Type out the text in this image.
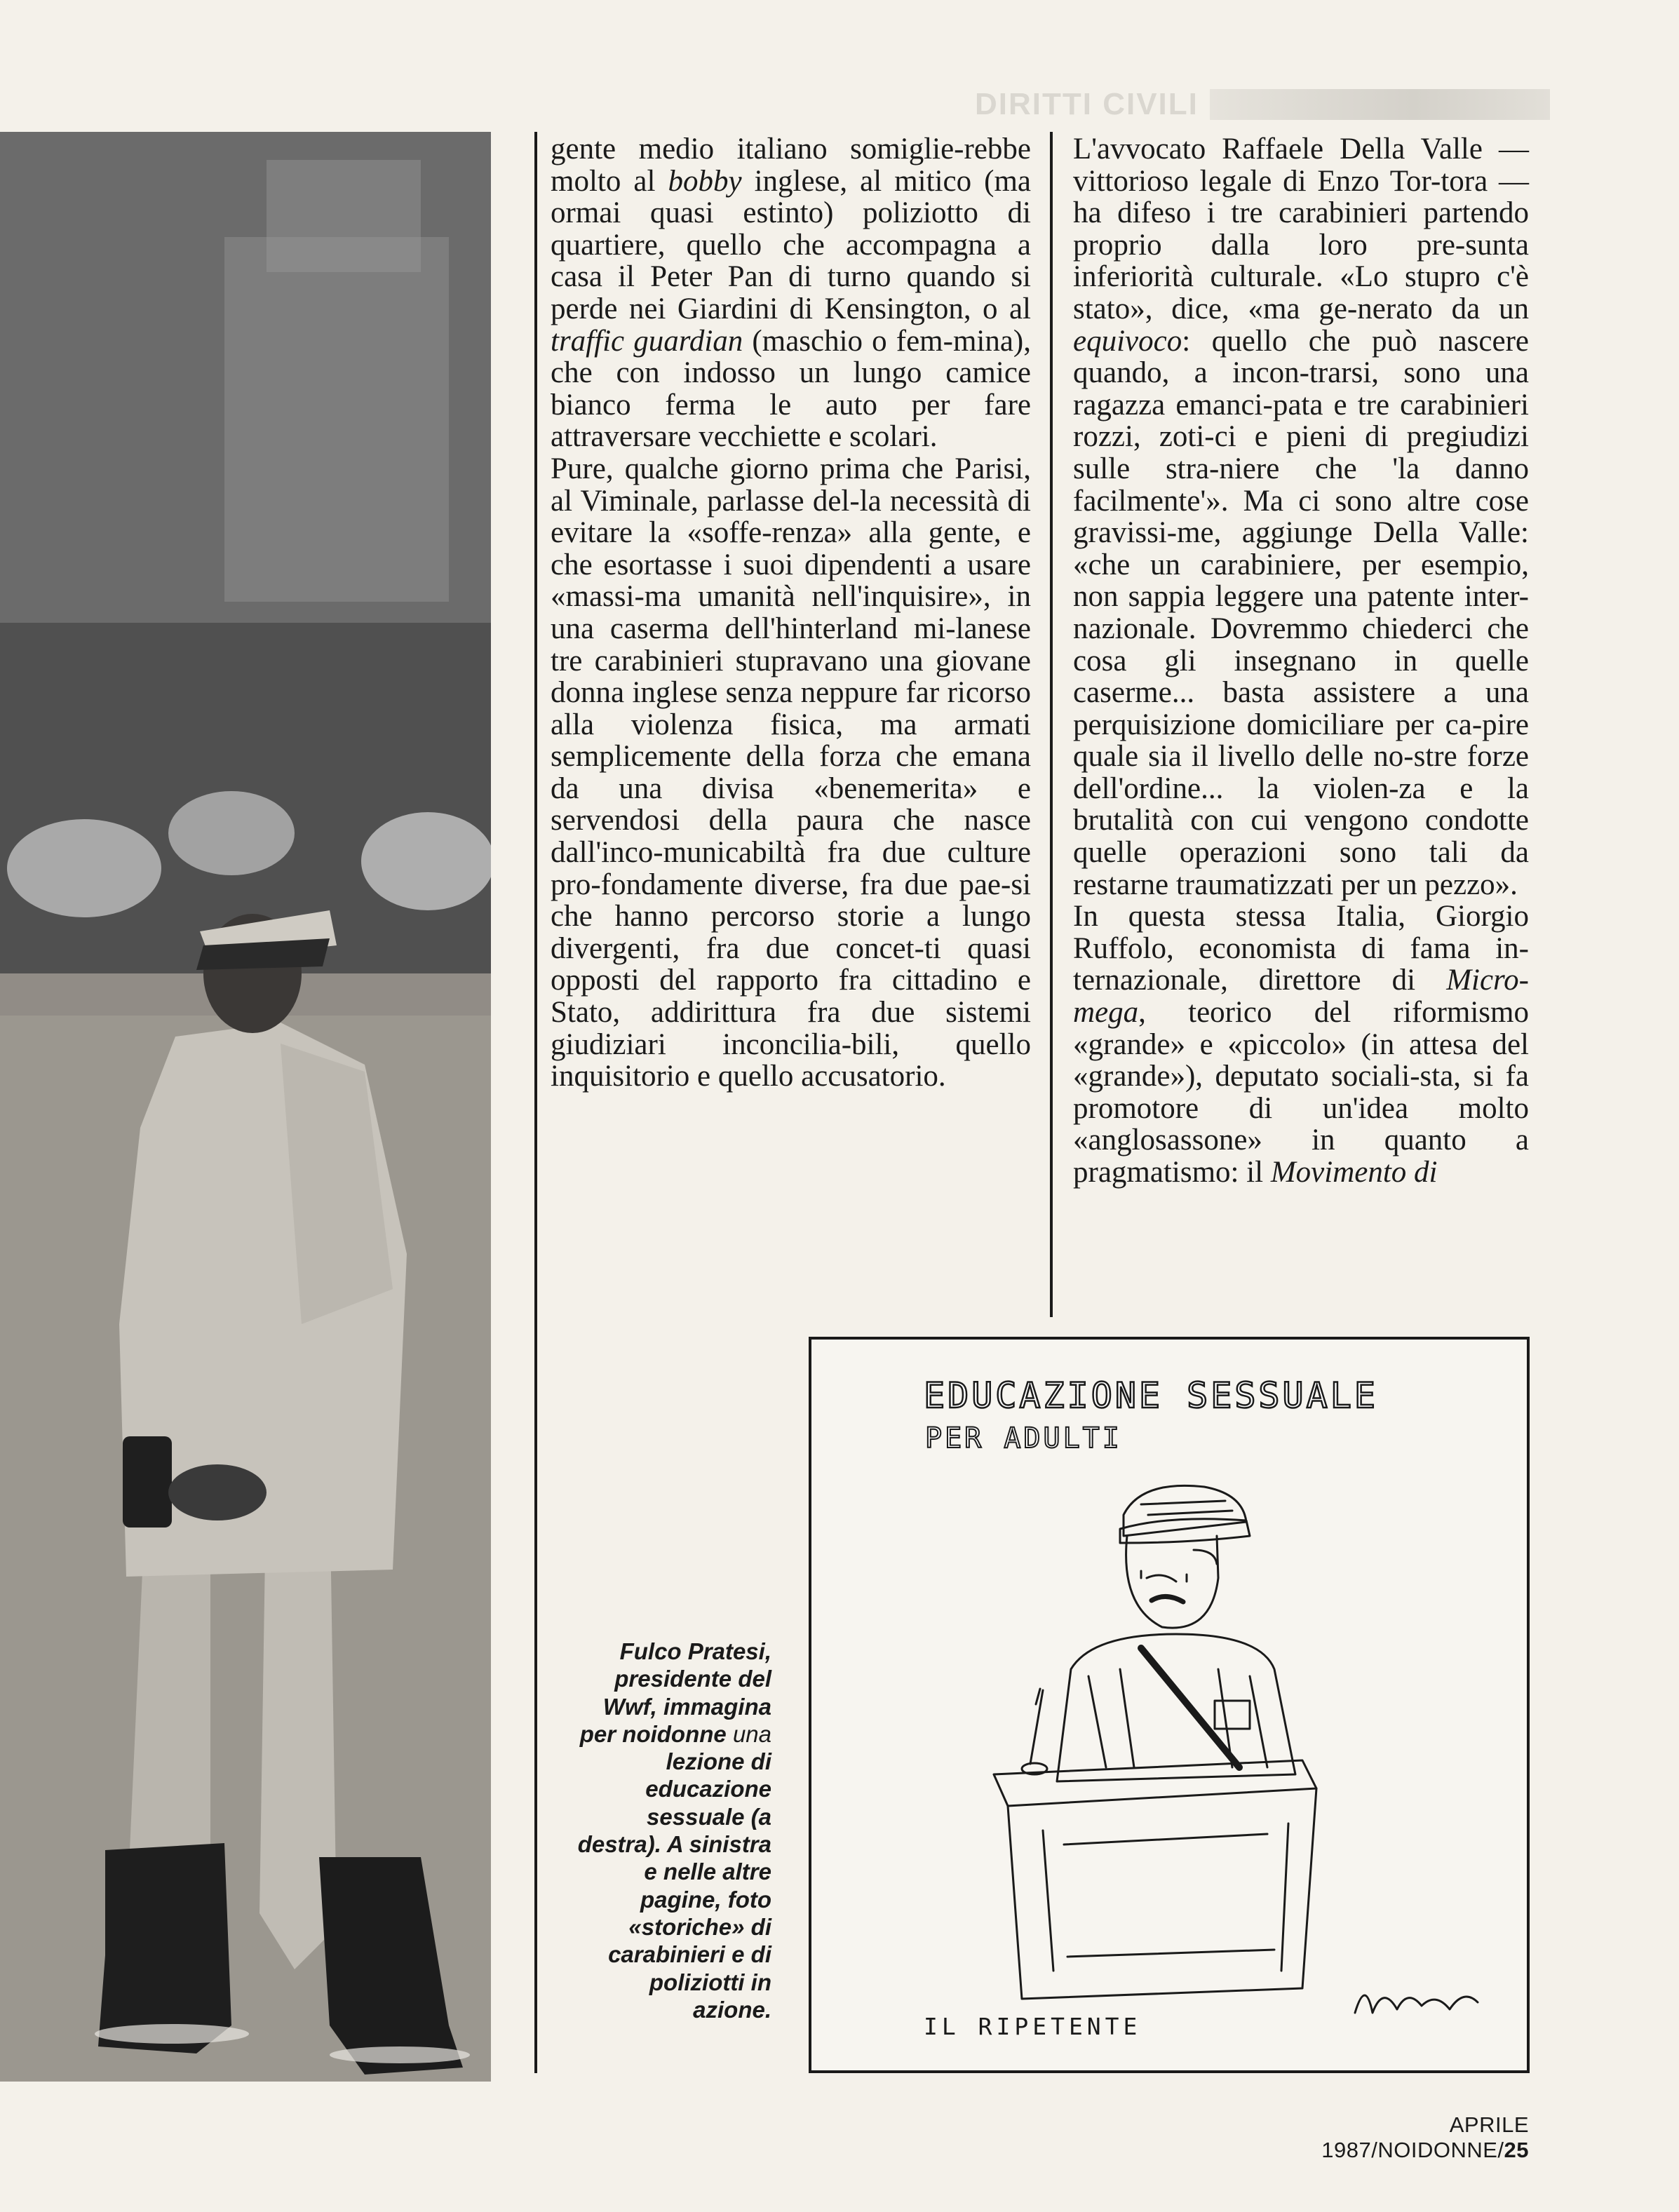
DIRITTI CIVILI

gente medio italiano somiglie-rebbe molto al bobby inglese, al mitico (ma ormai quasi estinto) poliziotto di quartiere, quello che accompagna a casa il Peter Pan di turno quando si perde nei Giardini di Kensington, o al traffic guardian (maschio o fem-mina), che con indosso un lungo camice bianco ferma le auto per fare attraversare vecchiette e scolari.

Pure, qualche giorno prima che Parisi, al Viminale, parlasse del-la necessità di evitare la «soffe-renza» alla gente, e che esortasse i suoi dipendenti a usare «massi-ma umanità nell'inquisire», in una caserma dell'hinterland mi-lanese tre carabinieri stupravano una giovane donna inglese senza neppure far ricorso alla violenza fisica, ma armati semplicemente della forza che emana da una divisa «benemerita» e servendosi della paura che nasce dall'inco-municabiltà fra due culture pro-fondamente diverse, fra due pae-si che hanno percorso storie a lungo divergenti, fra due concet-ti quasi opposti del rapporto fra cittadino e Stato, addirittura fra due sistemi giudiziari inconcilia-bili, quello inquisitorio e quello accusatorio.

L'avvocato Raffaele Della Valle — vittorioso legale di Enzo Tor-tora — ha difeso i tre carabinieri partendo proprio dalla loro pre-sunta inferiorità culturale. «Lo stupro c'è stato», dice, «ma ge-nerato da un equivoco: quello che può nascere quando, a incon-trarsi, sono una ragazza emanci-pata e tre carabinieri rozzi, zoti-ci e pieni di pregiudizi sulle stra-niere che 'la danno facilmente'». Ma ci sono altre cose gravissi-me, aggiunge Della Valle: «che un carabiniere, per esempio, non sappia leggere una patente inter-nazionale. Dovremmo chiederci che cosa gli insegnano in quelle caserme... basta assistere a una perquisizione domiciliare per ca-pire quale sia il livello delle no-stre forze dell'ordine... la violen-za e la brutalità con cui vengono condotte quelle operazioni sono tali da restarne traumatizzati per un pezzo».

In questa stessa Italia, Giorgio Ruffolo, economista di fama in-ternazionale, direttore di Micro-mega, teorico del riformismo «grande» e «piccolo» (in attesa del «grande»), deputato sociali-sta, si fa promotore di un'idea molto «anglosassone» in quanto a pragmatismo: il Movimento di

Fulco Pratesi, presidente del Wwf, immagina per noidonne una lezione di educazione sessuale (a destra). A sinistra e nelle altre pagine, foto «storiche» di carabinieri e di poliziotti in azione.
EDUCAZIONE SESSUALE
PER ADULTI
IL RIPETENTE
APRILE 1987/NOIDONNE/25
